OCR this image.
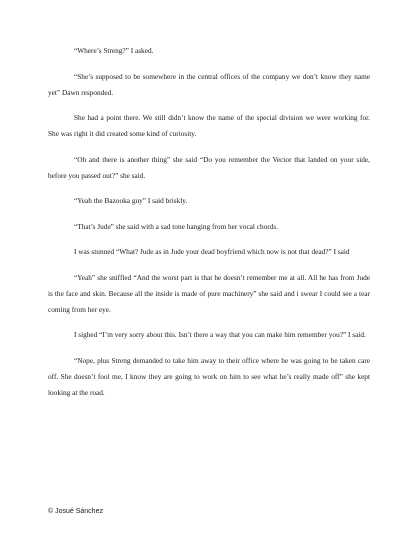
“Where’s Streng?” I asked.

“She’s supposed to be somewhere in the central offices of the company we don’t know they name yet” Dawn responded.

She had a point there. We still didn’t know the name of the special division we were working for. She was right it did created some kind of curiosity.

“Oh and there is another thing” she said “Do you remember the Vector that landed on your side, before you passed out?” she said.

“Yeah the Bazooka guy” I said briskly.

“That’s Jude” she said with a sad tone hanging from her vocal chords.

I was stunned “What? Jude as in Jude your dead boyfriend which now is not that dead?” I said

“Yeah” she sniffled “And the worst part is that he doesn’t remember me at all. All he has from Jude is the face and skin. Because all the inside is made of pure machinery” she said and i swear I could see a tear coming from her eye.

I sighed “I’m very sorry about this. Isn’t there a way that you can make him remember you?” I said.

“Nope, plus Streng demanded to take him away to their office where he was going to be taken care off. She doesn’t fool me, I know they are going to work on him to see what he’s really made off” she kept looking at the road.

© Josué Sánchez
